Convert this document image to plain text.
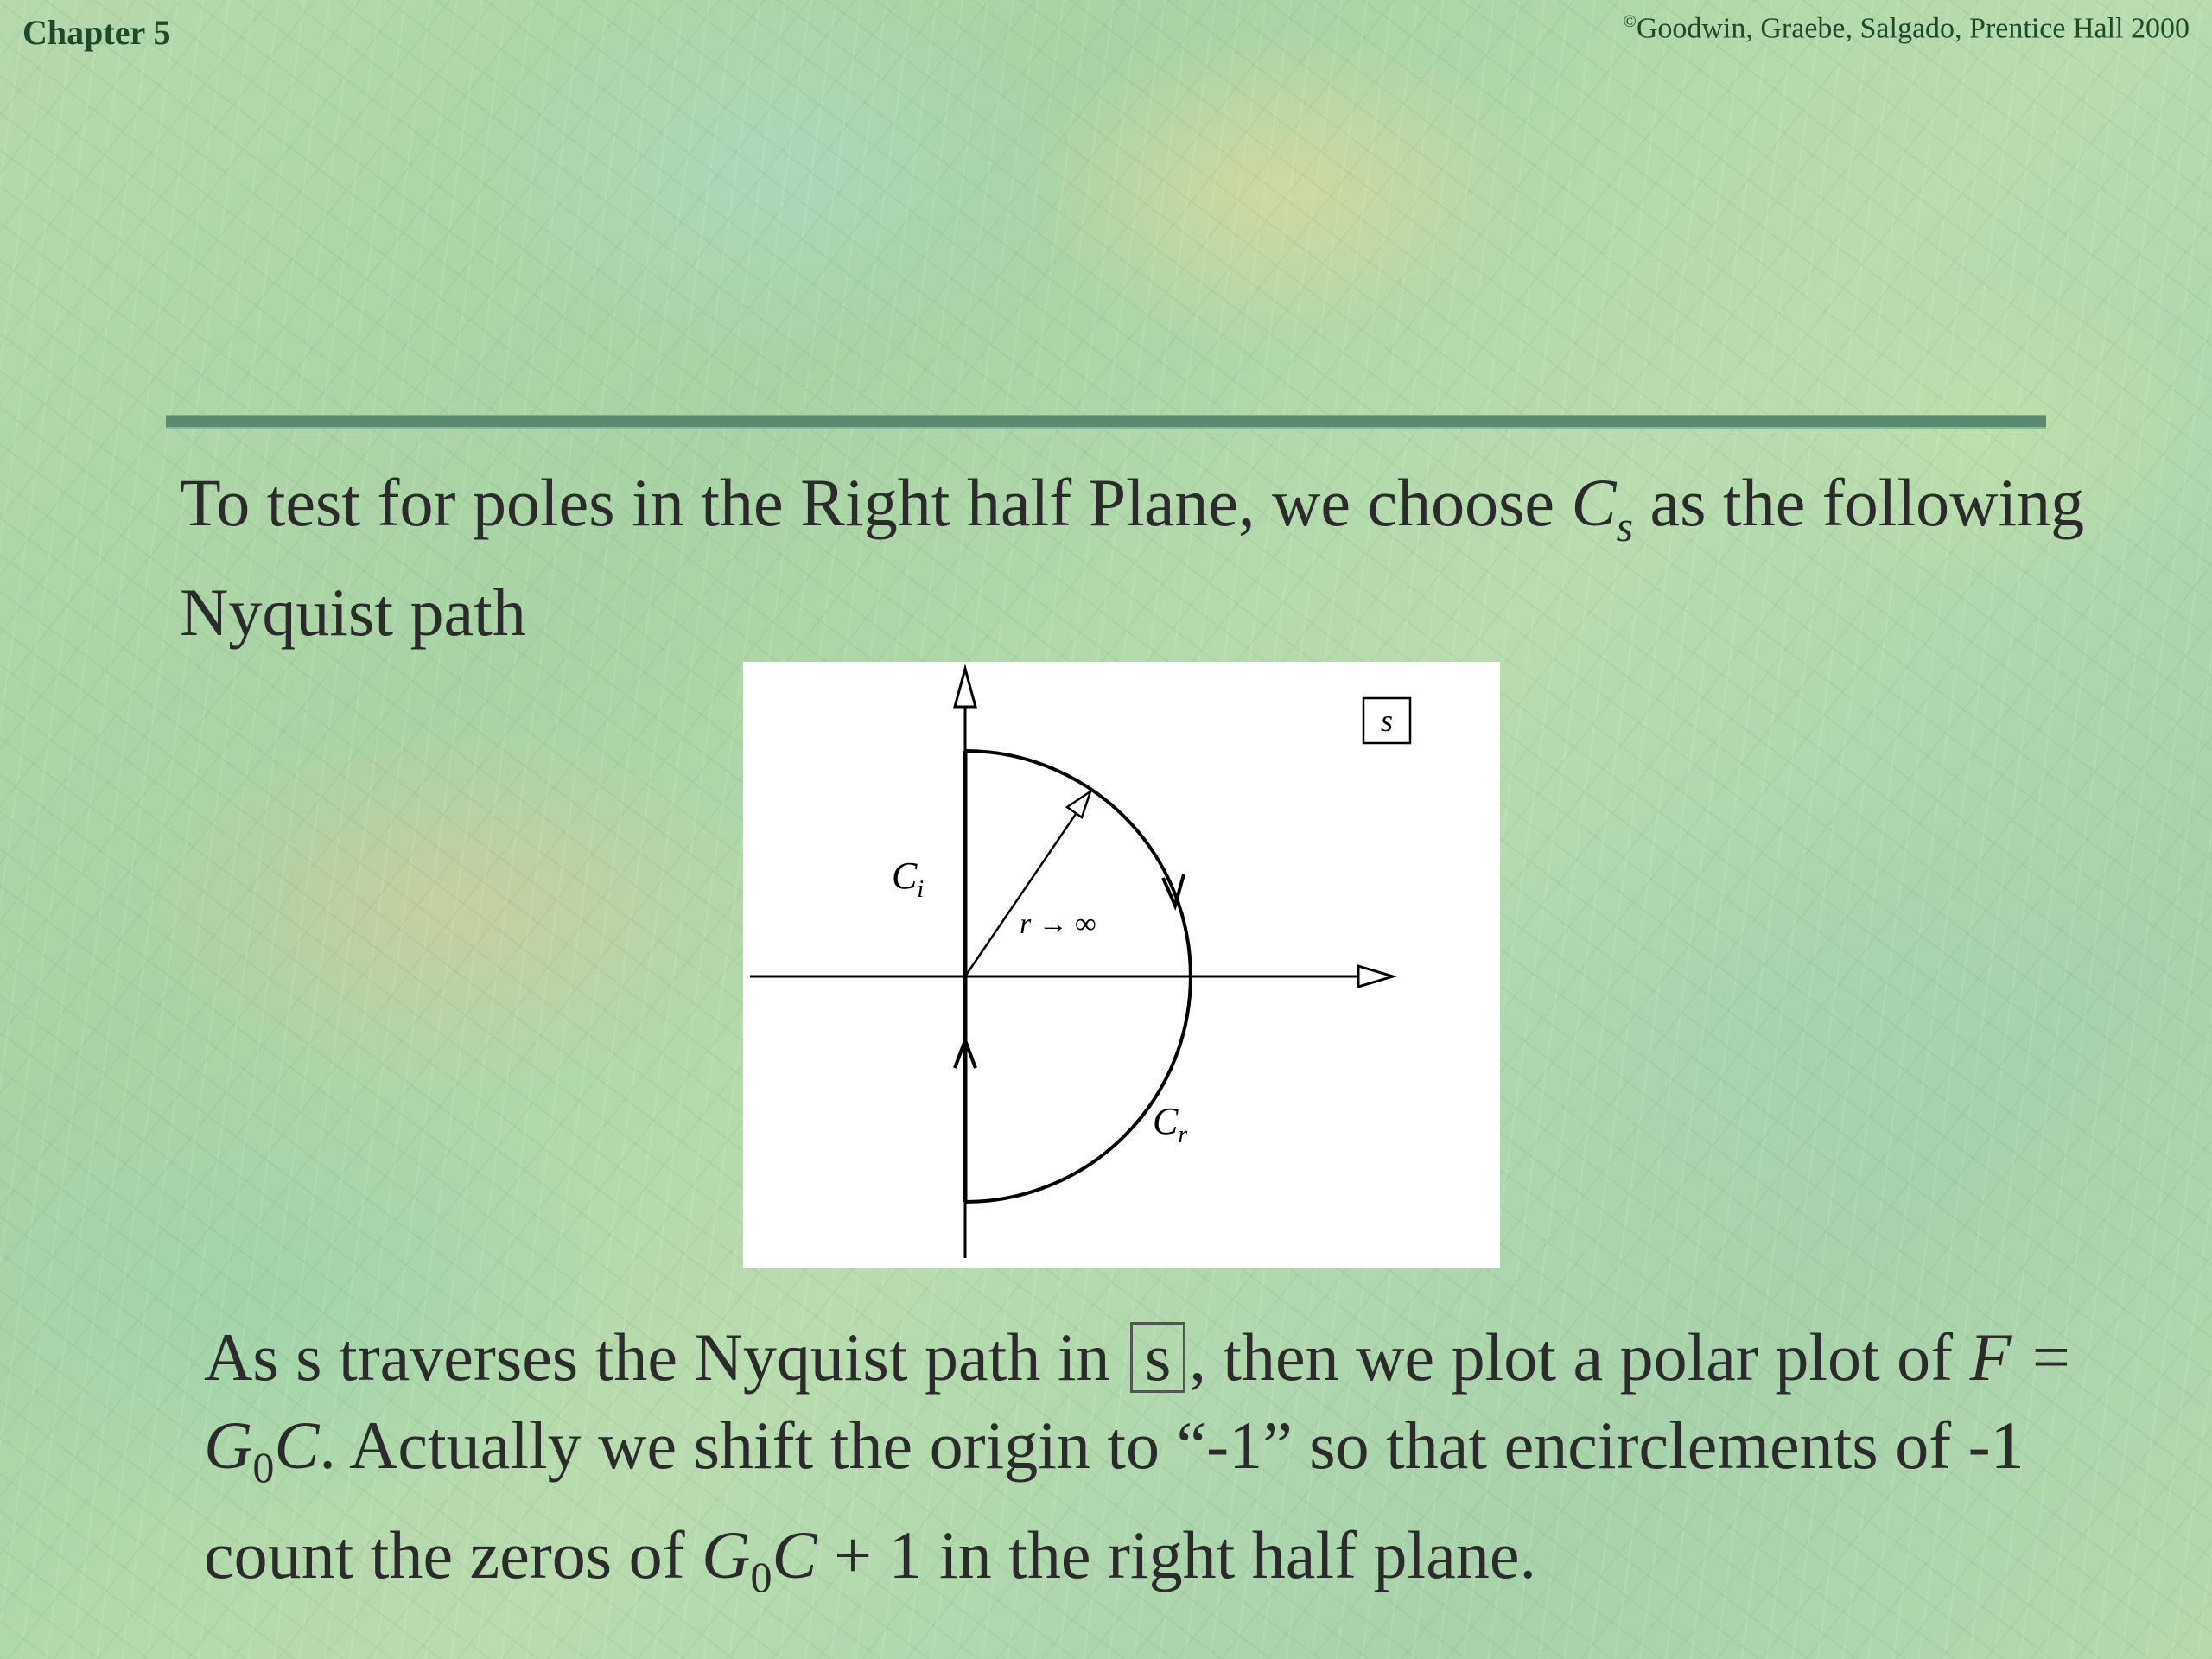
Chapter 5	©Goodwin, Graebe, Salgado, Prentice Hall 2000
To test for poles in the Right half Plane, we choose $C_s$ as the following Nyquist path
s
$C_i$
r → ∞
$C_r$
As s traverses the Nyquist path in s , then we plot a polar plot of $F = G_0C$. Actually we shift the origin to “-1” so that encirclements of -1 count the zeros of $G_0C + 1$ in the right half plane.
